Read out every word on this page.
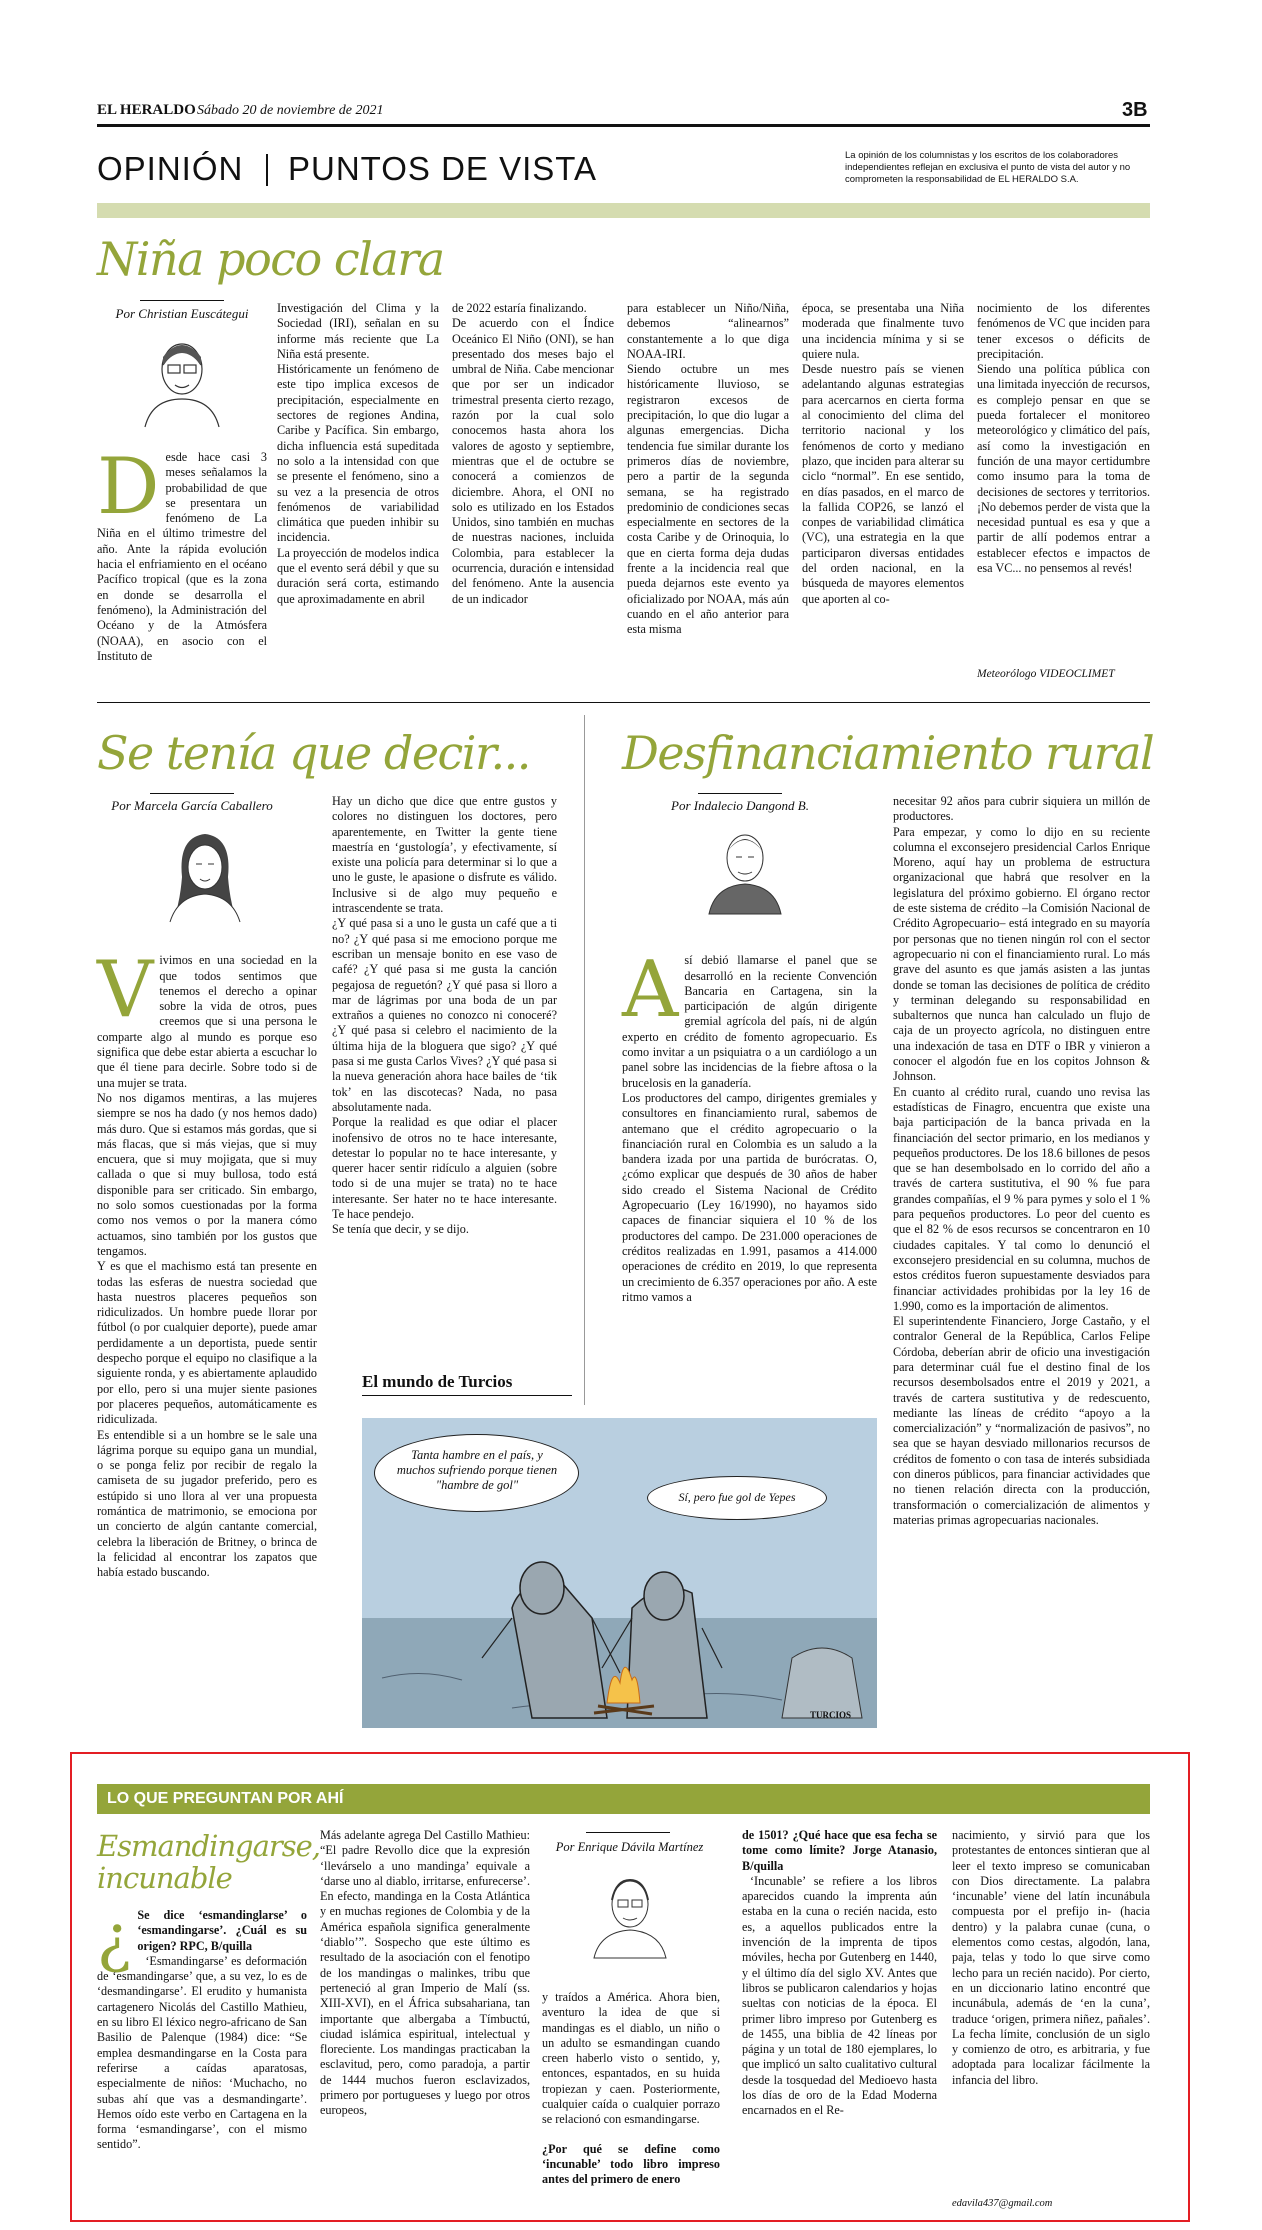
EL HERALDO Sábado 20 de noviembre de 2021	3B
OPINIÓN PUNTOS DE VISTA	La opinión de los columnistas y los escritos de los colaboradores independientes reflejan en exclusiva el punto de vista del autor y no comprometen la responsabilidad de EL HERALDO S.A.
Niña poco clara
Por Christian Euscátegui
D esde hace casi 3 meses señalamos la probabilidad de que se presentara un fenómeno de La Niña en el último trimestre del año. Ante la rápida evolución hacia el enfriamiento en el océano Pacífico tropical (que es la zona en donde se desarrolla el fenómeno), la Administración del Océano y de la Atmósfera (NOAA), en asocio con el Instituto de
Investigación del Clima y la Sociedad (IRI), señalan en su informe más reciente que La Niña está presente.
Históricamente un fenómeno de este tipo implica excesos de precipitación, especialmente en sectores de regiones Andina, Caribe y Pacífica. Sin embargo, dicha influencia está supeditada no solo a la intensidad con que se presente el fenómeno, sino a su vez a la presencia de otros fenómenos de variabilidad climática que pueden inhibir su incidencia.
La proyección de modelos indica que el evento será débil y que su duración será corta, estimando que aproximadamente en abril
de 2022 estaría finalizando.
De acuerdo con el Índice Oceánico El Niño (ONI), se han presentado dos meses bajo el umbral de Niña. Cabe mencionar que por ser un indicador trimestral presenta cierto rezago, razón por la cual solo conocemos hasta ahora los valores de agosto y septiembre, mientras que el de octubre se conocerá a comienzos de diciembre. Ahora, el ONI no solo es utilizado en los Estados Unidos, sino también en muchas de nuestras naciones, incluida Colombia, para establecer la ocurrencia, duración e intensidad del fenómeno. Ante la ausencia de un indicador
para establecer un Niño/Niña, debemos “alinearnos” constantemente a lo que diga NOAA-IRI.
Siendo octubre un mes históricamente lluvioso, se registraron excesos de precipitación, lo que dio lugar a algunas emergencias. Dicha tendencia fue similar durante los primeros días de noviembre, pero a partir de la segunda semana, se ha registrado predominio de condiciones secas especialmente en sectores de la costa Caribe y de Orinoquia, lo que en cierta forma deja dudas frente a la incidencia real que pueda dejarnos este evento ya oficializado por NOAA, más aún cuando en el año anterior para esta misma
época, se presentaba una Niña moderada que finalmente tuvo una incidencia mínima y si se quiere nula.
Desde nuestro país se vienen adelantando algunas estrategias para acercarnos en cierta forma al conocimiento del clima del territorio nacional y los fenómenos de corto y mediano plazo, que inciden para alterar su ciclo “normal”. En ese sentido, en días pasados, en el marco de la fallida COP26, se lanzó el conpes de variabilidad climática (VC), una estrategia en la que participaron diversas entidades del orden nacional, en la búsqueda de mayores elementos que aporten al co-
nocimiento de los diferentes fenómenos de VC que inciden para tener excesos o déficits de precipitación.
Siendo una política pública con una limitada inyección de recursos, es complejo pensar en que se pueda fortalecer el monitoreo meteorológico y climático del país, así como la investigación en función de una mayor certidumbre como insumo para la toma de decisiones de sectores y territorios. ¡No debemos perder de vista que la necesidad puntual es esa y que a partir de allí podemos entrar a establecer efectos e impactos de esa VC... no pensemos al revés!
Meteorólogo VIDEOCLIMET
Se tenía que decir...
Por Marcela García Caballero

Vivimos en una sociedad en la que todos sentimos que tenemos el derecho a opinar sobre la vida de otros, pues creemos que si una persona le comparte algo al mundo es porque eso significa que debe estar abierta a escuchar lo que él tiene para decirle. Sobre todo si de una mujer se trata.
No nos digamos mentiras, a las mujeres siempre se nos ha dado (y nos hemos dado) más duro. Que si estamos más gordas, que si más flacas, que si más viejas, que si muy encuera, que si muy mojigata, que si muy callada o que si muy bullosa, todo está disponible para ser criticado. Sin embargo, no solo somos cuestionadas por la forma como nos vemos o por la manera cómo actuamos, sino también por los gustos que tengamos.
Y es que el machismo está tan presente en todas las esferas de nuestra sociedad que hasta nuestros placeres pequeños son ridiculizados. Un hombre puede llorar por fútbol (o por cualquier deporte), puede amar perdidamente a un deportista, puede sentir despecho porque el equipo no clasifique a la siguiente ronda, y es abiertamente aplaudido por ello, pero si una mujer siente pasiones por placeres pequeños, automáticamente es ridiculizada.
Es entendible si a un hombre se le sale una lágrima porque su equipo gana un mundial, o se ponga feliz por recibir de regalo la camiseta de su jugador preferido, pero es estúpido si uno llora al ver una propuesta romántica de matrimonio, se emociona por un concierto de algún cantante comercial, celebra la liberación de Britney, o brinca de la felicidad al encontrar los zapatos que había estado buscando.

Hay un dicho que dice que entre gustos y colores no distinguen los doctores, pero aparentemente, en Twitter la gente tiene maestría en ‘gustología’, y efectivamente, sí existe una policía para determinar si lo que a uno le guste, le apasione o disfrute es válido. Inclusive si de algo muy pequeño e intrascendente se trata.
¿Y qué pasa si a uno le gusta un café que a ti no? ¿Y qué pasa si me emociono porque me escriban un mensaje bonito en ese vaso de café? ¿Y qué pasa si me gusta la canción pegajosa de reguetón? ¿Y qué pasa si lloro a mar de lágrimas por una boda de un par extraños a quienes no conozco ni conoceré? ¿Y qué pasa si celebro el nacimiento de la última hija de la bloguera que sigo? ¿Y qué pasa si me gusta Carlos Vives? ¿Y qué pasa si la nueva generación ahora hace bailes de ‘tik tok’ en las discotecas? Nada, no pasa absolutamente nada.
Porque la realidad es que odiar el placer inofensivo de otros no te hace interesante, detestar lo popular no te hace interesante, y querer hacer sentir ridículo a alguien (sobre todo si de una mujer se trata) no te hace interesante. Ser hater no te hace interesante. Te hace pendejo.
Se tenía que decir, y se dijo.
El mundo de Turcios
Tanta hambre en el país, y muchos sufriendo porque tienen "hambre de gol"
Sí, pero fue gol de Yepes
TURCIOS
Desfinanciamiento rural
Por Indalecio Dangond B.

Así debió llamarse el panel que se desarrolló en la reciente Convención Bancaria en Cartagena, sin la participación de algún dirigente gremial agrícola del país, ni de algún experto en crédito de fomento agropecuario. Es como invitar a un psiquiatra o a un cardiólogo a un panel sobre las incidencias de la fiebre aftosa o la brucelosis en la ganadería.
Los productores del campo, dirigentes gremiales y consultores en financiamiento rural, sabemos de antemano que el crédito agropecuario o la financiación rural en Colombia es un saludo a la bandera izada por una partida de burócratas. O, ¿cómo explicar que después de 30 años de haber sido creado el Sistema Nacional de Crédito Agropecuario (Ley 16/1990), no hayamos sido capaces de financiar siquiera el 10 % de los productores del campo. De 231.000 operaciones de créditos realizadas en 1.991, pasamos a 414.000 operaciones de crédito en 2019, lo que representa un crecimiento de 6.357 operaciones por año. A este ritmo vamos a

necesitar 92 años para cubrir siquiera un millón de productores.
Para empezar, y como lo dijo en su reciente columna el exconsejero presidencial Carlos Enrique Moreno, aquí hay un problema de estructura organizacional que habrá que resolver en la legislatura del próximo gobierno. El órgano rector de este sistema de crédito –la Comisión Nacional de Crédito Agropecuario– está integrado en su mayoría por personas que no tienen ningún rol con el sector agropecuario ni con el financiamiento rural. Lo más grave del asunto es que jamás asisten a las juntas donde se toman las decisiones de política de crédito y terminan delegando su responsabilidad en subalternos que nunca han calculado un flujo de caja de un proyecto agrícola, no distinguen entre una indexación de tasa en DTF o IBR y vinieron a conocer el algodón fue en los copitos Johnson & Johnson.
En cuanto al crédito rural, cuando uno revisa las estadísticas de Finagro, encuentra que existe una baja participación de la banca privada en la financiación del sector primario, en los medianos y pequeños productores. De los 18.6 billones de pesos que se han desembolsado en lo corrido del año a través de cartera sustitutiva, el 90 % fue para grandes compañías, el 9 % para pymes y solo el 1 % para pequeños productores. Lo peor del cuento es que el 82 % de esos recursos se concentraron en 10 ciudades capitales. Y tal como lo denunció el exconsejero presidencial en su columna, muchos de estos créditos fueron supuestamente desviados para financiar actividades prohibidas por la ley 16 de 1.990, como es la importación de alimentos.
El superintendente Financiero, Jorge Castaño, y el contralor General de la República, Carlos Felipe Córdoba, deberían abrir de oficio una investigación para determinar cuál fue el destino final de los recursos desembolsados entre el 2019 y 2021, a través de cartera sustitutiva y de redescuento, mediante las líneas de crédito “apoyo a la comercialización” y “normalización de pasivos”, no sea que se hayan desviado millonarios recursos de créditos de fomento o con tasa de interés subsidiada con dineros públicos, para financiar actividades que no tienen relación directa con la producción, transformación o comercialización de alimentos y materias primas agropecuarias nacionales.
LO QUE PREGUNTAN POR AHÍ
Esmandingarse, incunable
¿ Se dice ‘esmandinglarse’ o ‘esmandingarse’. ¿Cuál es su origen? RPC, B/quilla

‘Esmandingarse’ es deformación de ‘esmandingarse’ que, a su vez, lo es de ‘desmandingarse’. El erudito y humanista cartagenero Nicolás del Castillo Mathieu, en su libro El léxico negro-africano de San Basilio de Palenque (1984) dice: “Se emplea desmandingarse en la Costa para referirse a caídas aparatosas, especialmente de niños: ‘Muchacho, no subas ahí que vas a desmandingarte’. Hemos oído este verbo en Cartagena en la forma ‘esmandingarse’, con el mismo sentido”.

Más adelante agrega Del Castillo Mathieu: “El padre Revollo dice que la expresión ‘llevárselo a uno mandinga’ equivale a ‘darse uno al diablo, irritarse, enfurecerse’. En efecto, mandinga en la Costa Atlántica y en muchas regiones de Colombia y de la América española significa generalmente ‘diablo’”. Sospecho que este último es resultado de la asociación con el fenotipo de los mandingas o malinkes, tribu que perteneció al gran Imperio de Malí (ss. XIII-XVI), en el África subsahariana, tan importante que albergaba a Tímbuctú, ciudad islámica espiritual, intelectual y floreciente. Los mandingas practicaban la esclavitud, pero, como paradoja, a partir de 1444 muchos fueron esclavizados, primero por portugueses y luego por otros europeos,
Por Enrique Dávila Martínez

y traídos a América. Ahora bien, aventuro la idea de que si mandingas es el diablo, un niño o un adulto se esmandingan cuando creen haberlo visto o sentido, y, entonces, espantados, en su huida tropiezan y caen. Posteriormente, cualquier caída o cualquier porrazo se relacionó con esmandingarse.

¿Por qué se define como ‘incunable’ todo libro impreso antes del primero de enero

de 1501? ¿Qué hace que esa fecha se tome como límite? Jorge Atanasio, B/quilla

‘Incunable’ se refiere a los libros aparecidos cuando la imprenta aún estaba en la cuna o recién nacida, esto es, a aquellos publicados entre la invención de la imprenta de tipos móviles, hecha por Gutenberg en 1440, y el último día del siglo XV. Antes que libros se publicaron calendarios y hojas sueltas con noticias de la época. El primer libro impreso por Gutenberg es de 1455, una biblia de 42 líneas por página y un total de 180 ejemplares, lo que implicó un salto cualitativo cultural desde la tosquedad del Medioevo hasta los días de oro de la Edad Moderna encarnados en el Re-

nacimiento, y sirvió para que los protestantes de entonces sintieran que al leer el texto impreso se comunicaban con Dios directamente. La palabra ‘incunable’ viene del latín incunábula compuesta por el prefijo in- (hacia dentro) y la palabra cunae (cuna, o elementos como cestas, algodón, lana, paja, telas y todo lo que sirve como lecho para un recién nacido). Por cierto, en un diccionario latino encontré que incunábula, además de ‘en la cuna’, traduce ‘origen, primera niñez, pañales’. La fecha límite, conclusión de un siglo y comienzo de otro, es arbitraria, y fue adoptada para localizar fácilmente la infancia del libro.
edavila437@gmail.com
